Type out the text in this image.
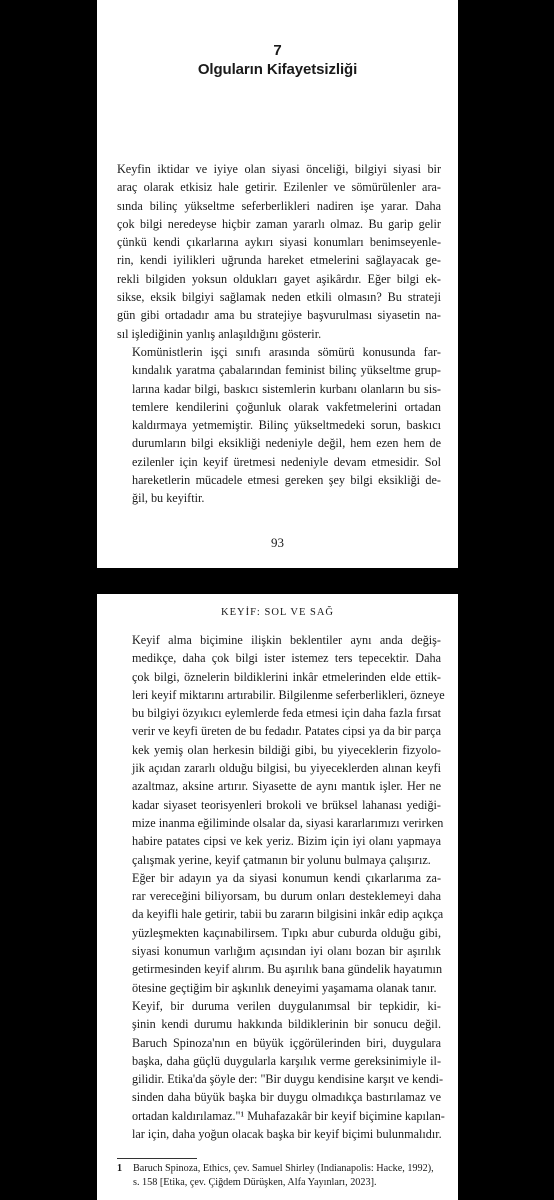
7
Olguların Kifayetsizliği
Keyfin iktidar ve iyiye olan siyasi önceliği, bilgiyi siyasi bir
araç olarak etkisiz hale getirir. Ezilenler ve sömürülenler ara-
sında bilinç yükseltme seferberlikleri nadiren işe yarar. Daha
çok bilgi neredeyse hiçbir zaman yararlı olmaz. Bu garip gelir
çünkü kendi çıkarlarına aykırı siyasi konumları benimseyenle-
rin, kendi iyilikleri uğrunda hareket etmelerini sağlayacak ge-
rekli bilgiden yoksun oldukları gayet aşikârdır. Eğer bilgi ek-
sikse, eksik bilgiyi sağlamak neden etkili olmasın? Bu strateji
gün gibi ortadadır ama bu stratejiye başvurulması siyasetin na-
sıl işlediğinin yanlış anlaşıldığını gösterir.
Komünistlerin işçi sınıfı arasında sömürü konusunda far-
kındalık yaratma çabalarından feminist bilinç yükseltme grup-
larına kadar bilgi, baskıcı sistemlerin kurbanı olanların bu sis-
temlere kendilerini çoğunluk olarak vakfetmelerini ortadan
kaldırmaya yetmemiştir. Bilinç yükseltmedeki sorun, baskıcı
durumların bilgi eksikliği nedeniyle değil, hem ezen hem de
ezilenler için keyif üretmesi nedeniyle devam etmesidir. Sol
hareketlerin mücadele etmesi gereken şey bilgi eksikliği de-
ğil, bu keyiftir.
93
KEYİF: SOL VE SAĞ
Keyif alma biçimine ilişkin beklentiler aynı anda değiş-
medikçe, daha çok bilgi ister istemez ters tepecektir. Daha
çok bilgi, öznelerin bildiklerini inkâr etmelerinden elde ettik-
leri keyif miktarını artırabilir. Bilgilenme seferberlikleri, özneye
bu bilgiyi özyıkıcı eylemlerde feda etmesi için daha fazla fırsat
verir ve keyfi üreten de bu fedadır. Patates cipsi ya da bir parça
kek yemiş olan herkesin bildiği gibi, bu yiyeceklerin fizyolo-
jik açıdan zararlı olduğu bilgisi, bu yiyeceklerden alınan keyfi
azaltmaz, aksine artırır. Siyasette de aynı mantık işler. Her ne
kadar siyaset teorisyenleri brokoli ve brüksel lahanası yediği-
mize inanma eğiliminde olsalar da, siyasi kararlarımızı verirken
habire patates cipsi ve kek yeriz. Bizim için iyi olanı yapmaya
çalışmak yerine, keyif çatmanın bir yolunu bulmaya çalışırız.
Eğer bir adayın ya da siyasi konumun kendi çıkarlarıma za-
rar vereceğini biliyorsam, bu durum onları desteklemeyi daha
da keyifli hale getirir, tabii bu zararın bilgisini inkâr edip açıkça
yüzleşmekten kaçınabilirsem. Tıpkı abur cuburda olduğu gibi,
siyasi konumun varlığım açısından iyi olanı bozan bir aşırılık
getirmesinden keyif alırım. Bu aşırılık bana gündelik hayatımın
ötesine geçtiğim bir aşkınlık deneyimi yaşamama olanak tanır.
Keyif, bir duruma verilen duygulanımsal bir tepkidir, ki-
şinin kendi durumu hakkında bildiklerinin bir sonucu değil.
Baruch Spinoza'nın en büyük içgörülerinden biri, duygulara
başka, daha güçlü duygularla karşılık verme gereksinimiyle il-
gilidir. Etika'da şöyle der: "Bir duygu kendisine karşıt ve kendi-
sinden daha büyük başka bir duygu olmadıkça bastırılamaz ve
ortadan kaldırılamaz."¹ Muhafazakâr bir keyif biçimine kapılan-
lar için, daha yoğun olacak başka bir keyif biçimi bulunmalıdır.
1 Baruch Spinoza, Ethics, çev. Samuel Shirley (Indianapolis: Hacke, 1992),
s. 158 [Etika, çev. Çiğdem Dürüşken, Alfa Yayınları, 2023].
